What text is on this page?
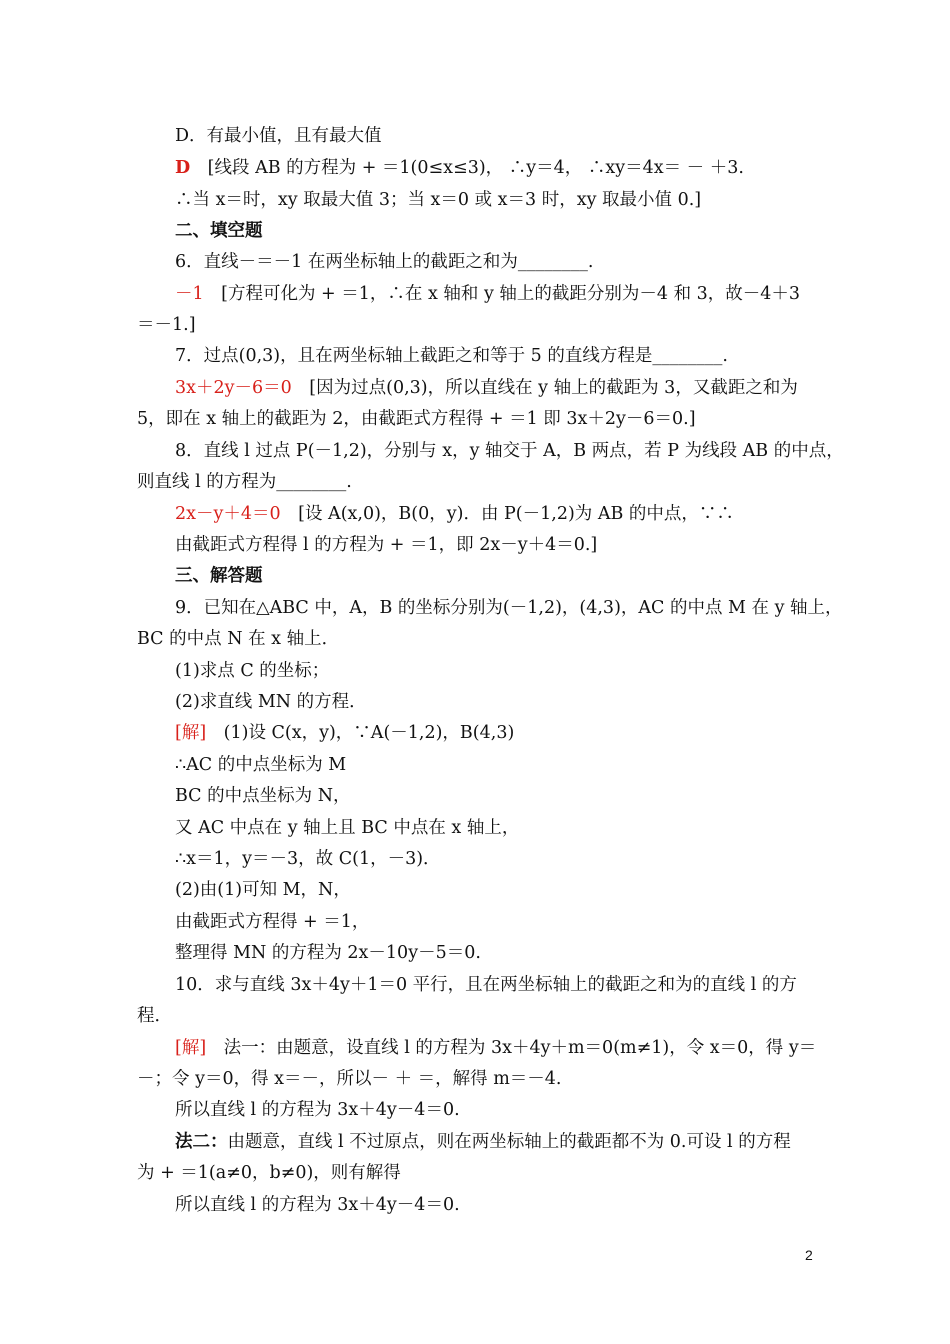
D．有最小值，且有最大值
D　[线段 AB 的方程为 + ＝1(0≤x≤3)， ∴y＝4， ∴xy＝4x＝ － ＋3.
∴当 x＝时，xy 取最大值 3；当 x＝0 或 x＝3 时，xy 取最小值 0.]
二、填空题
6．直线－＝－1 在两坐标轴上的截距之和为________.
－1　[方程可化为 + ＝1，∴在 x 轴和 y 轴上的截距分别为－4 和 3，故－4＋3
＝－1.]
7．过点(0,3)，且在两坐标轴上截距之和等于 5 的直线方程是________.
3x＋2y－6＝0　[因为过点(0,3)，所以直线在 y 轴上的截距为 3，又截距之和为
5，即在 x 轴上的截距为 2，由截距式方程得 + ＝1 即 3x＋2y－6＝0.]
8．直线 l 过点 P(－1,2)，分别与 x，y 轴交于 A，B 两点，若 P 为线段 AB 的中点，
则直线 l 的方程为________.
2x－y＋4＝0　[设 A(x,0)，B(0，y)．由 P(－1,2)为 AB 的中点，∵∴
由截距式方程得 l 的方程为 + ＝1，即 2x－y＋4＝0.]
三、解答题
9．已知在△ABC 中，A，B 的坐标分别为(－1,2)，(4,3)，AC 的中点 M 在 y 轴上，
BC 的中点 N 在 x 轴上．
(1)求点 C 的坐标；
(2)求直线 MN 的方程．
[解]　(1)设 C(x，y)，∵A(－1,2)，B(4,3)
∴AC 的中点坐标为 M
BC 的中点坐标为 N，
又 AC 中点在 y 轴上且 BC 中点在 x 轴上，
∴x＝1，y＝－3，故 C(1，－3)．
(2)由(1)可知 M，N，
由截距式方程得 + ＝1，
整理得 MN 的方程为 2x－10y－5＝0.
10．求与直线 3x＋4y＋1＝0 平行，且在两坐标轴上的截距之和为的直线 l 的方
程．
[解]　法一：由题意，设直线 l 的方程为 3x＋4y＋m＝0(m≠1)，令 x＝0，得 y＝
－；令 y＝0，得 x＝－，所以－ ＋ ＝，解得 m＝－4.
所以直线 l 的方程为 3x＋4y－4＝0.
法二：由题意，直线 l 不过原点，则在两坐标轴上的截距都不为 0.可设 l 的方程
为 + ＝1(a≠0，b≠0)，则有解得
所以直线 l 的方程为 3x＋4y－4＝0.
2
